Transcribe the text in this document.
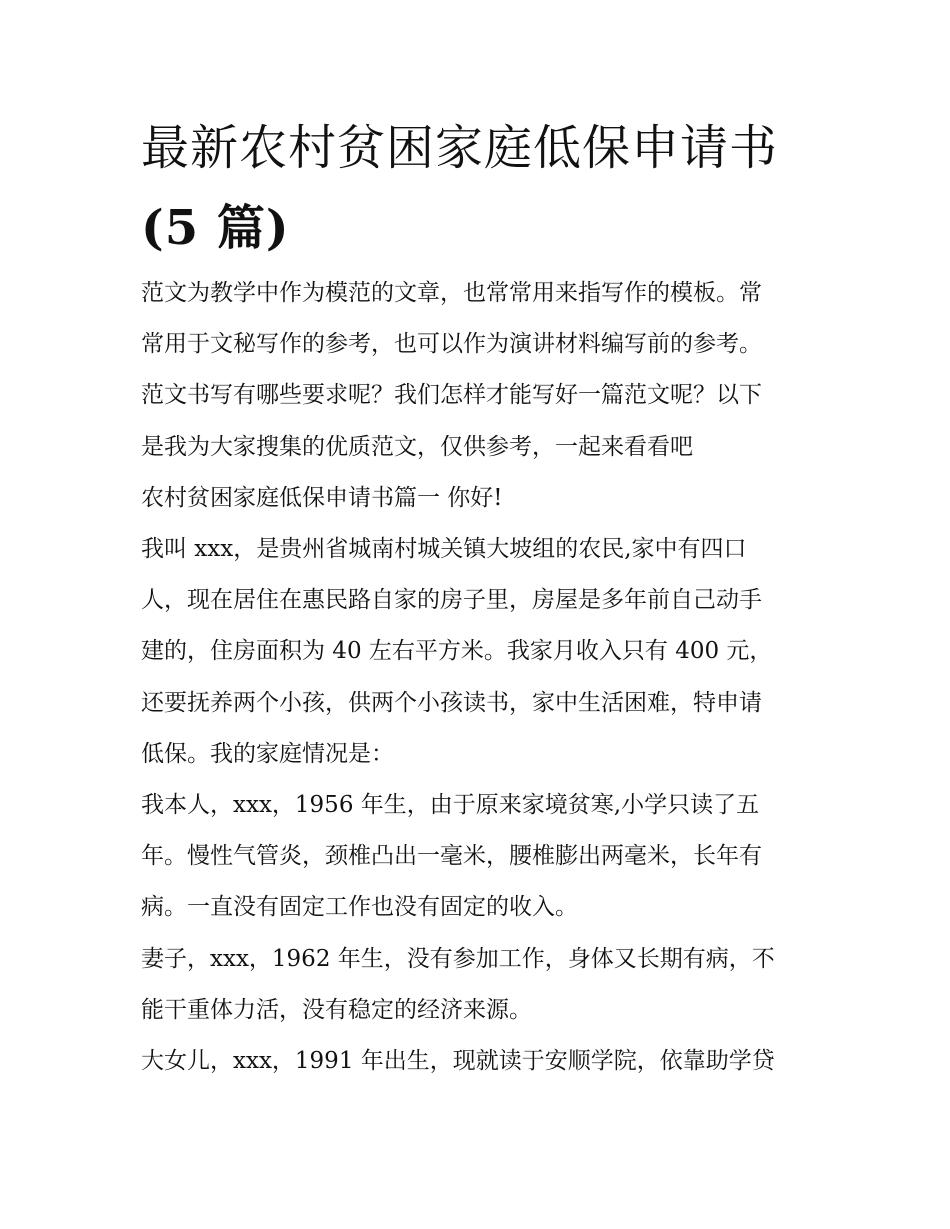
最新农村贫困家庭低保申请书
(5 篇)

范文为教学中作为模范的文章，也常常用来指写作的模板。常
常用于文秘写作的参考，也可以作为演讲材料编写前的参考。
范文书写有哪些要求呢？我们怎样才能写好一篇范文呢？以下
是我为大家搜集的优质范文，仅供参考，一起来看看吧

农村贫困家庭低保申请书篇一 你好!

我叫 xxx，是贵州省城南村城关镇大坡组的农民,家中有四口
人，现在居住在惠民路自家的房子里，房屋是多年前自己动手
建的，住房面积为 40 左右平方米。我家月收入只有 400 元，
还要抚养两个小孩，供两个小孩读书，家中生活困难，特申请
低保。我的家庭情况是：

我本人，xxx，1956 年生，由于原来家境贫寒,小学只读了五
年。慢性气管炎，颈椎凸出一毫米，腰椎膨出两毫米，长年有
病。一直没有固定工作也没有固定的收入。

妻子，xxx，1962 年生，没有参加工作，身体又长期有病，不
能干重体力活，没有稳定的经济来源。

大女儿，xxx，1991 年出生，现就读于安顺学院，依靠助学贷
